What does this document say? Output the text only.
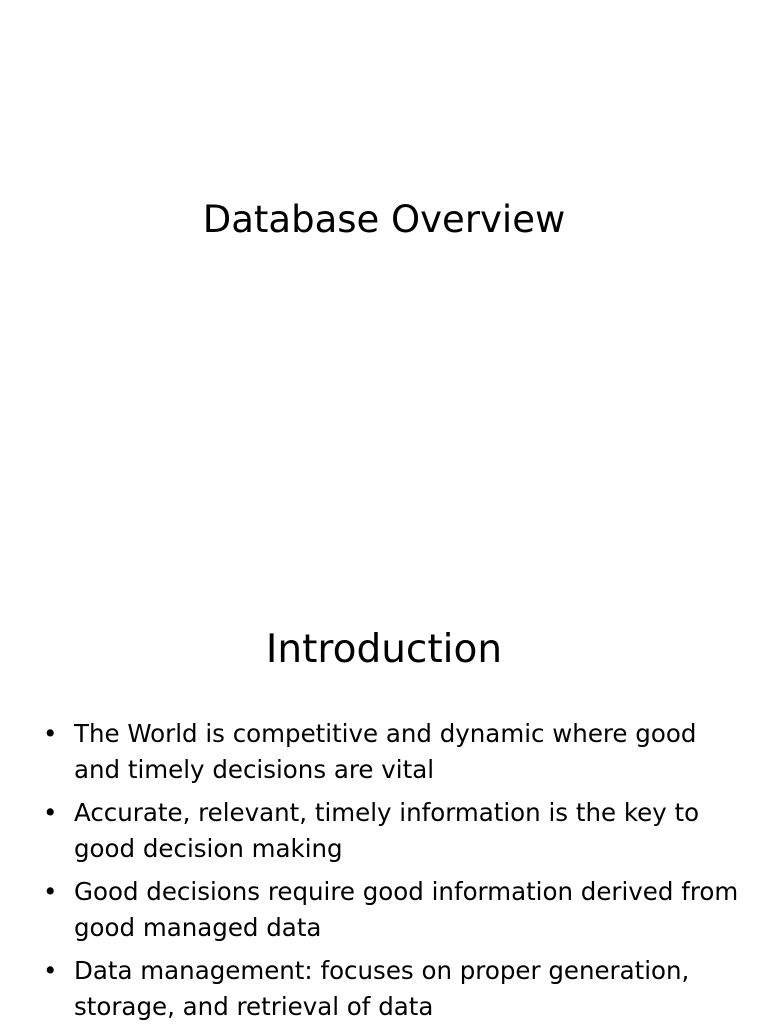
Database Overview
Introduction
• The World is competitive and dynamic where good and timely decisions are vital
• Accurate, relevant, timely information is the key to good decision making
• Good decisions require good information derived from good managed data
• Data management: focuses on proper generation, storage, and retrieval of data
